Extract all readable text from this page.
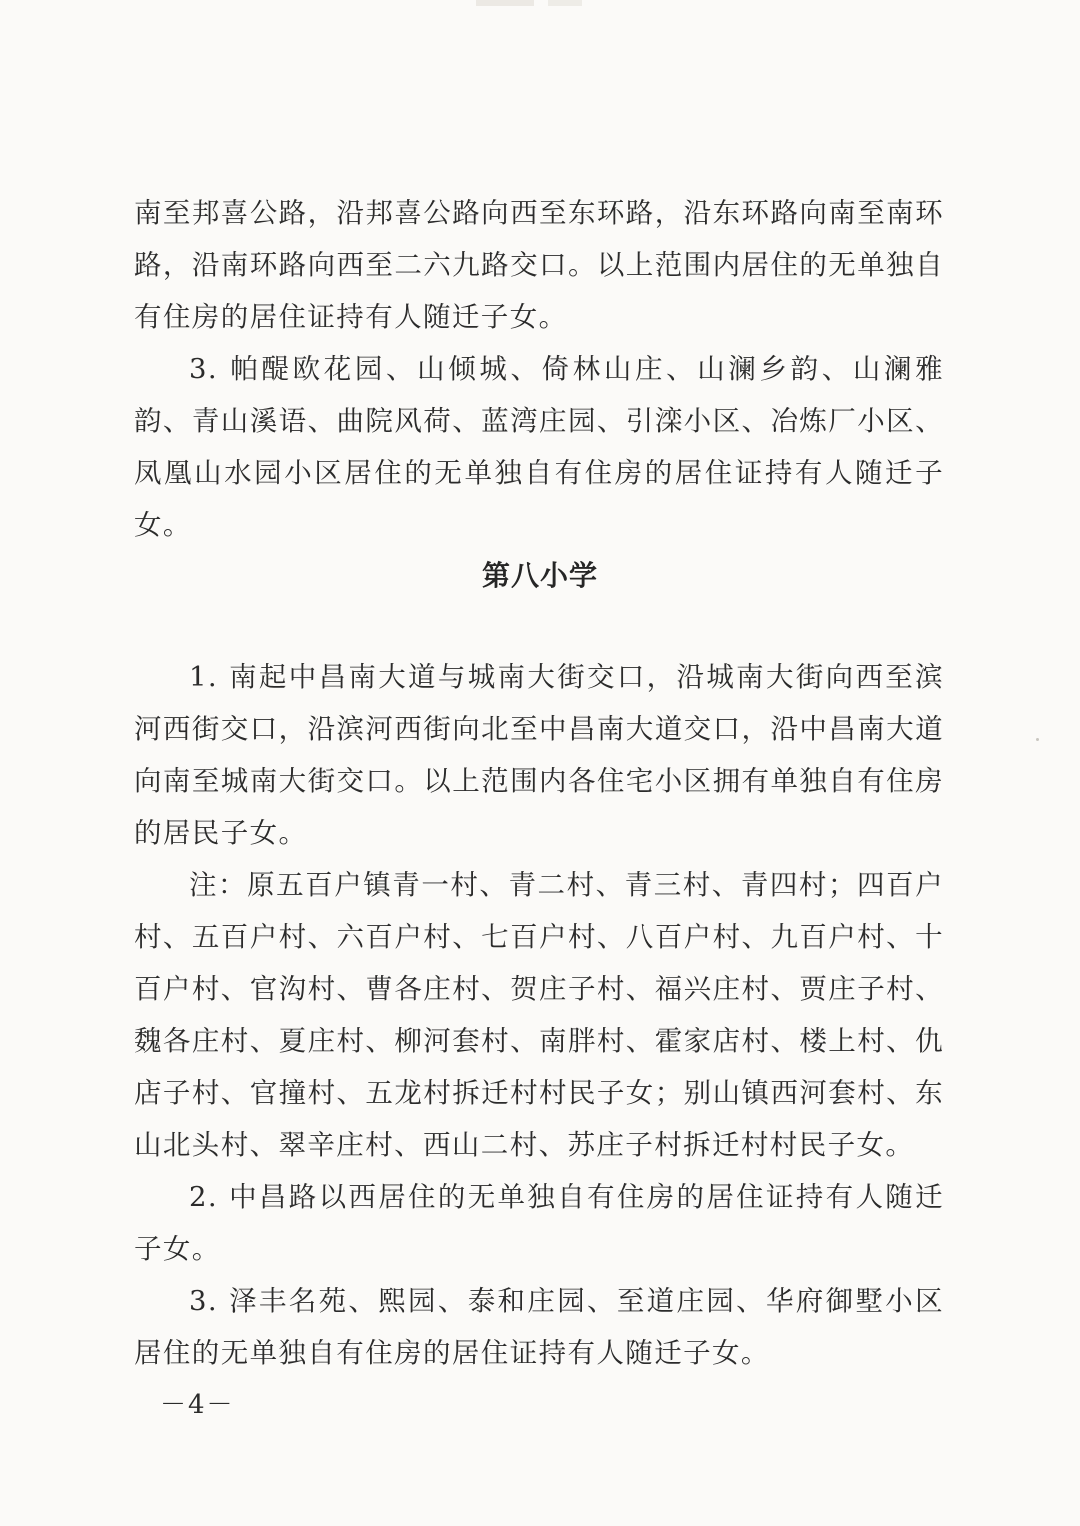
南至邦喜公路，沿邦喜公路向西至东环路，沿东环路向南至南环路，沿南环路向西至二六九路交口。以上范围内居住的无单独自有住房的居住证持有人随迁子女。

3. 帕醍欧花园、山倾城、倚林山庄、山澜乡韵、山澜雅韵、青山溪语、曲院风荷、蓝湾庄园、引滦小区、冶炼厂小区、凤凰山水园小区居住的无单独自有住房的居住证持有人随迁子女。

第八小学

1. 南起中昌南大道与城南大街交口，沿城南大街向西至滨河西街交口，沿滨河西街向北至中昌南大道交口，沿中昌南大道向南至城南大街交口。以上范围内各住宅小区拥有单独自有住房的居民子女。

注：原五百户镇青一村、青二村、青三村、青四村；四百户村、五百户村、六百户村、七百户村、八百户村、九百户村、十百户村、官沟村、曹各庄村、贺庄子村、福兴庄村、贾庄子村、魏各庄村、夏庄村、柳河套村、南胖村、霍家店村、楼上村、仇店子村、官撞村、五龙村拆迁村村民子女；别山镇西河套村、东山北头村、翠辛庄村、西山二村、苏庄子村拆迁村村民子女。

2. 中昌路以西居住的无单独自有住房的居住证持有人随迁子女。

3. 泽丰名苑、熙园、泰和庄园、至道庄园、华府御墅小区居住的无单独自有住房的居住证持有人随迁子女。

－4－
